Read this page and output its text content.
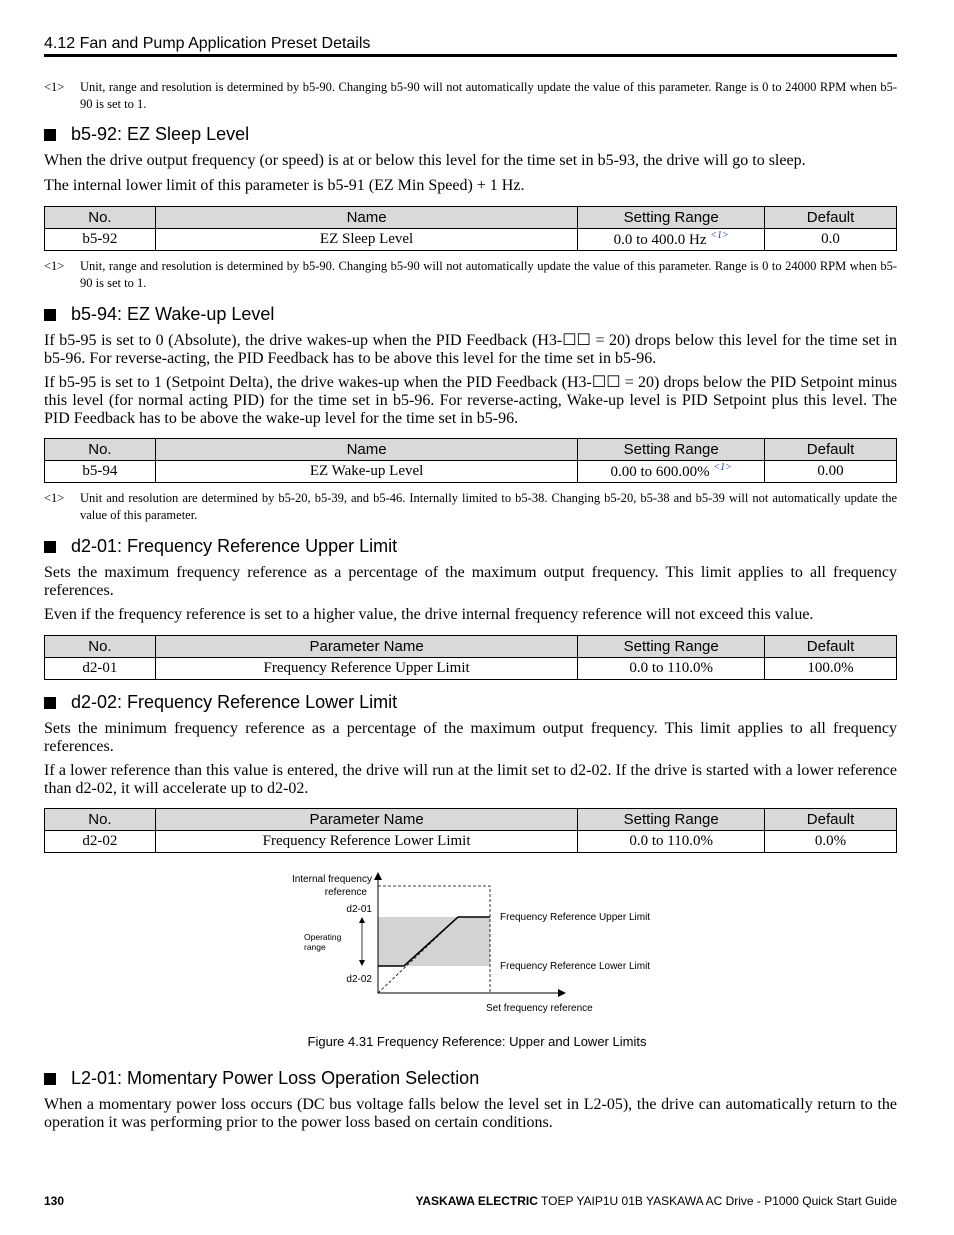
4.12 Fan and Pump Application Preset Details
<1> Unit, range and resolution is determined by b5-90. Changing b5-90 will not automatically update the value of this parameter. Range is 0 to 24000 RPM when b5-90 is set to 1.
b5-92: EZ Sleep Level
When the drive output frequency (or speed) is at or below this level for the time set in b5-93, the drive will go to sleep.
The internal lower limit of this parameter is b5-91 (EZ Min Speed) + 1 Hz.
No.	Name	Setting Range	Default
b5-92	EZ Sleep Level	0.0 to 400.0 Hz $^{<1>}$	0.0
<1> Unit, range and resolution is determined by b5-90. Changing b5-90 will not automatically update the value of this parameter. Range is 0 to 24000 RPM when b5-90 is set to 1.
b5-94: EZ Wake-up Level
If b5-95 is set to 0 (Absolute), the drive wakes-up when the PID Feedback (H3-☐☐ = 20) drops below this level for the time set in b5-96. For reverse-acting, the PID Feedback has to be above this level for the time set in b5-96.
If b5-95 is set to 1 (Setpoint Delta), the drive wakes-up when the PID Feedback (H3-☐☐ = 20) drops below the PID Setpoint minus this level (for normal acting PID) for the time set in b5-96. For reverse-acting, Wake-up level is PID Setpoint plus this level. The PID Feedback has to be above the wake-up level for the time set in b5-96.
No.	Name	Setting Range	Default
b5-94	EZ Wake-up Level	0.00 to 600.00% $^{<1>}$	0.00
<1> Unit and resolution are determined by b5-20, b5-39, and b5-46. Internally limited to b5-38. Changing b5-20, b5-38 and b5-39 will not automatically update the value of this parameter.
d2-01: Frequency Reference Upper Limit
Sets the maximum frequency reference as a percentage of the maximum output frequency. This limit applies to all frequency references.
Even if the frequency reference is set to a higher value, the drive internal frequency reference will not exceed this value.
No.	Parameter Name	Setting Range	Default
d2-01	Frequency Reference Upper Limit	0.0 to 110.0%	100.0%
d2-02: Frequency Reference Lower Limit
Sets the minimum frequency reference as a percentage of the maximum output frequency. This limit applies to all frequency references.
If a lower reference than this value is entered, the drive will run at the limit set to d2-02. If the drive is started with a lower reference than d2-02, it will accelerate up to d2-02.
No.	Parameter Name	Setting Range	Default
d2-02	Frequency Reference Lower Limit	0.0 to 110.0%	0.0%
Internal frequency
reference
d2-01
d2-02
Operating
range
Frequency Reference Upper Limit
Frequency Reference Lower Limit
Set frequency reference
Figure 4.31 Frequency Reference: Upper and Lower Limits
L2-01: Momentary Power Loss Operation Selection
When a momentary power loss occurs (DC bus voltage falls below the level set in L2-05), the drive can automatically return to the operation it was performing prior to the power loss based on certain conditions.
130	YASKAWA ELECTRIC TOEP YAIP1U 01B YASKAWA AC Drive - P1000 Quick Start Guide
